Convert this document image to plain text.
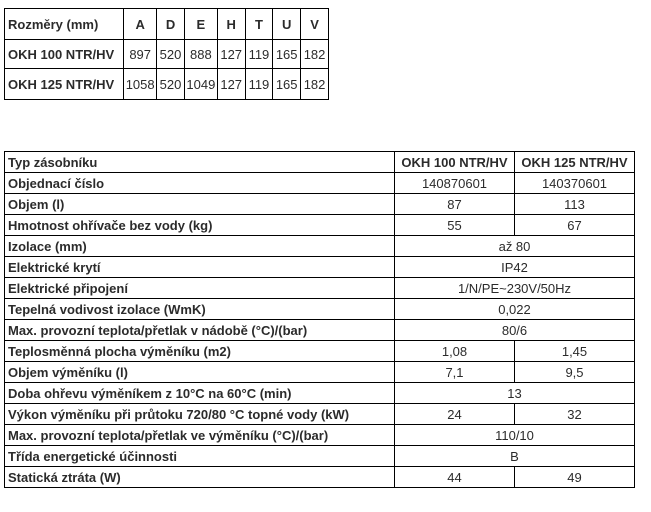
Rozměry (mm)	A	D	E	H	T	U	V
OKH 100 NTR/HV	897	520	888	127	119	165	182
OKH 125 NTR/HV	1058	520	1049	127	119	165	182
Typ zásobníku	OKH 100 NTR/HV	OKH 125 NTR/HV
Objednací číslo	140870601	140370601
Objem (l)	87	113
Hmotnost ohřívače bez vody (kg)	55	67
Izolace (mm)	až 80	
Elektrické krytí	IP42	
Elektrické připojení	1/N/PE~230V/50Hz	
Tepelná vodivost izolace (WmK)	0,022	
Max. provozní teplota/přetlak v nádobě (°C)/(bar)	80/6	
Teplosměnná plocha výměníku (m2)	1,08	1,45
Objem výměníku (l)	7,1	9,5
Doba ohřevu výměníkem z 10°C na 60°C (min)	13	
Výkon výměníku při průtoku 720/80 °C topné vody (kW)	24	32
Max. provozní teplota/přetlak ve výměníku (°C)/(bar)	110/10	
Třída energetické účinnosti	B	
Statická ztráta (W)	44	49
